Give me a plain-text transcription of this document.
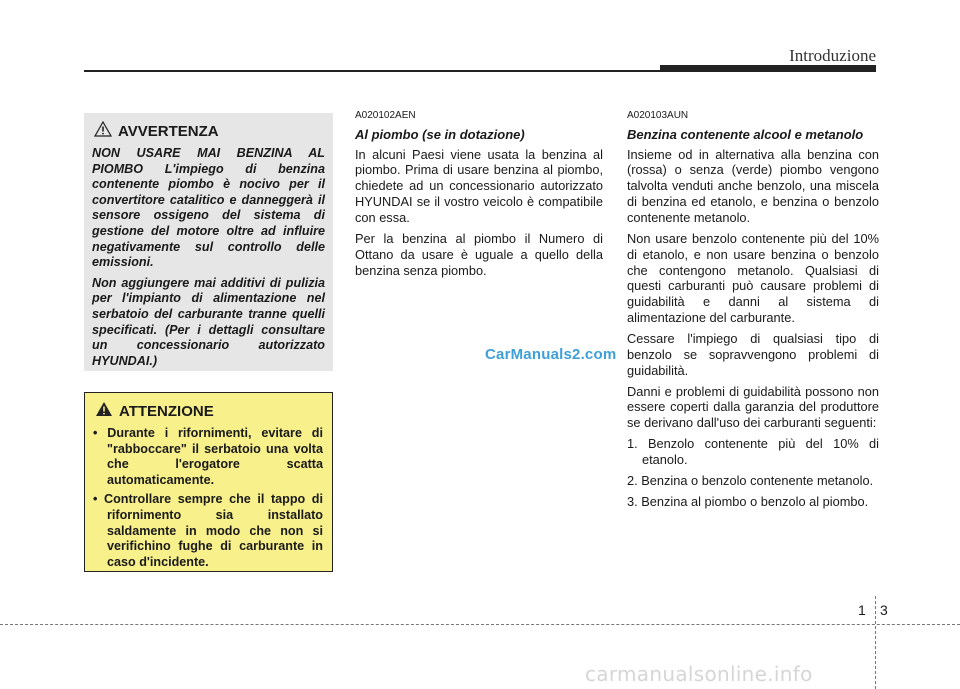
Introduzione
AVVERTENZA

NON USARE MAI BENZINA AL PIOMBO L'impiego di benzina contenente piombo è nocivo per il convertitore catalitico e danneggerà il sensore ossigeno del sistema di gestione del motore oltre ad influire negativamente sul controllo delle emissioni.

Non aggiungere mai additivi di pulizia per l'impianto di alimentazione nel serbatoio del carburante tranne quelli specificati. (Per i dettagli consultare un concessionario autorizzato HYUNDAI.)

ATTENZIONE
• Durante i rifornimenti, evitare di "rabboccare" il serbatoio una volta che l'erogatore scatta automaticamente.
• Controllare sempre che il tappo di rifornimento sia installato saldamente in modo che non si verifichino fughe di carburante in caso d'incidente.
A020102AEN
Al piombo (se in dotazione)

In alcuni Paesi viene usata la benzina al piombo. Prima di usare benzina al piombo, chiedete ad un concessionario autorizzato HYUNDAI se il vostro veicolo è compatibile con essa.

Per la benzina al piombo il Numero di Ottano da usare è uguale a quello della benzina senza piombo.

A020103AUN
Benzina contenente alcool e metanolo

Insieme od in alternativa alla benzina con (rossa) o senza (verde) piombo vengono talvolta venduti anche benzolo, una miscela di benzina ed etanolo, e benzina o benzolo contenente metanolo.

Non usare benzolo contenente più del 10% di etanolo, e non usare benzina o benzolo che contengono metanolo. Qualsiasi di questi carburanti può causare problemi di guidabilità e danni al sistema di alimentazione del carburante.

Cessare l'impiego di qualsiasi tipo di benzolo se sopravvengono problemi di guidabilità.

Danni e problemi di guidabilità possono non essere coperti dalla garanzia del produttore se derivano dall'uso dei carburanti seguenti:

1. Benzolo contenente più del 10% di etanolo.
2. Benzina o benzolo contenente metanolo.
3. Benzina al piombo o benzolo al piombo.
CarManuals2.com
1 3
carmanualsonline.info
